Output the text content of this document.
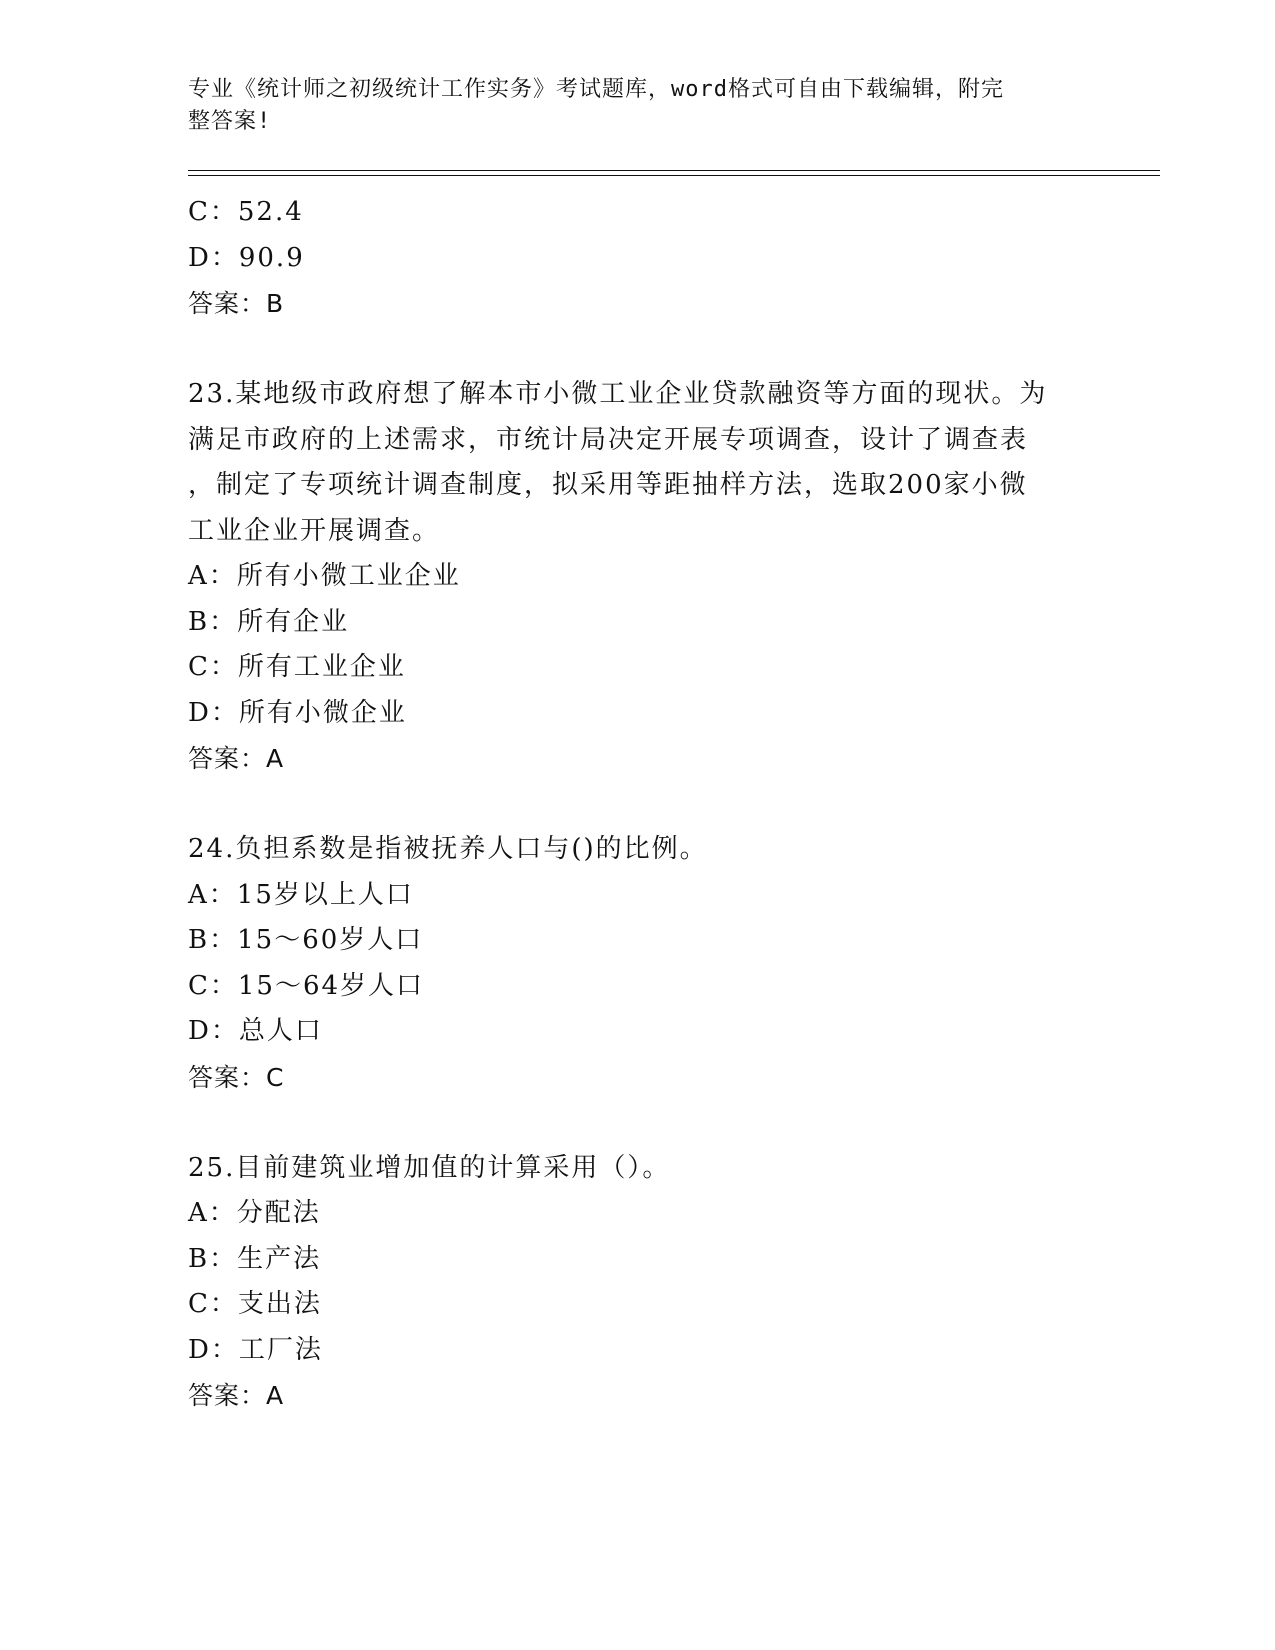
专业《统计师之初级统计工作实务》考试题库，word格式可自由下载编辑，附完
整答案!
C：52.4
D：90.9
答案：B
23.某地级市政府想了解本市小微工业企业贷款融资等方面的现状。为
满足市政府的上述需求，市统计局决定开展专项调查，设计了调查表
，制定了专项统计调查制度，拟采用等距抽样方法，选取200家小微
工业企业开展调查。
A：所有小微工业企业
B：所有企业
C：所有工业企业
D：所有小微企业
答案：A
24.负担系数是指被抚养人口与()的比例。
A：15岁以上人口
B：15～60岁人口
C：15～64岁人口
D：总人口
答案：C
25.目前建筑业增加值的计算采用（）。
A：分配法
B：生产法
C：支出法
D：工厂法
答案：A
